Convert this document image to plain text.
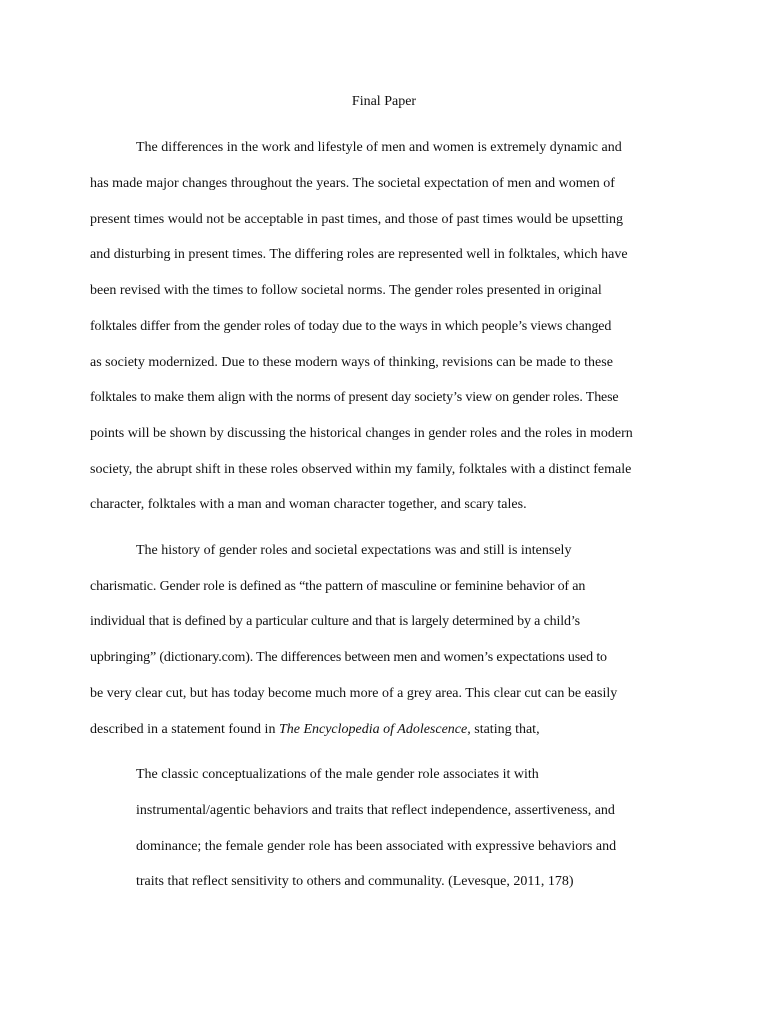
Final Paper
The differences in the work and lifestyle of men and women is extremely dynamic and
has made major changes throughout the years. The societal expectation of men and women of
present times would not be acceptable in past times, and those of past times would be upsetting
and disturbing in present times. The differing roles are represented well in folktales, which have
been revised with the times to follow societal norms. The gender roles presented in original
folktales differ from the gender roles of today due to the ways in which people’s views changed
as society modernized. Due to these modern ways of thinking, revisions can be made to these
folktales to make them align with the norms of present day society’s view on gender roles. These
points will be shown by discussing the historical changes in gender roles and the roles in modern
society, the abrupt shift in these roles observed within my family, folktales with a distinct female
character, folktales with a man and woman character together, and scary tales.
The history of gender roles and societal expectations was and still is intensely
charismatic. Gender role is defined as “the pattern of masculine or feminine behavior of an
individual that is defined by a particular culture and that is largely determined by a child’s
upbringing” (dictionary.com). The differences between men and women’s expectations used to
be very clear cut, but has today become much more of a grey area. This clear cut can be easily
described in a statement found in The Encyclopedia of Adolescence, stating that,
The classic conceptualizations of the male gender role associates it with
instrumental/agentic behaviors and traits that reflect independence, assertiveness, and
dominance; the female gender role has been associated with expressive behaviors and
traits that reflect sensitivity to others and communality. (Levesque, 2011, 178)
